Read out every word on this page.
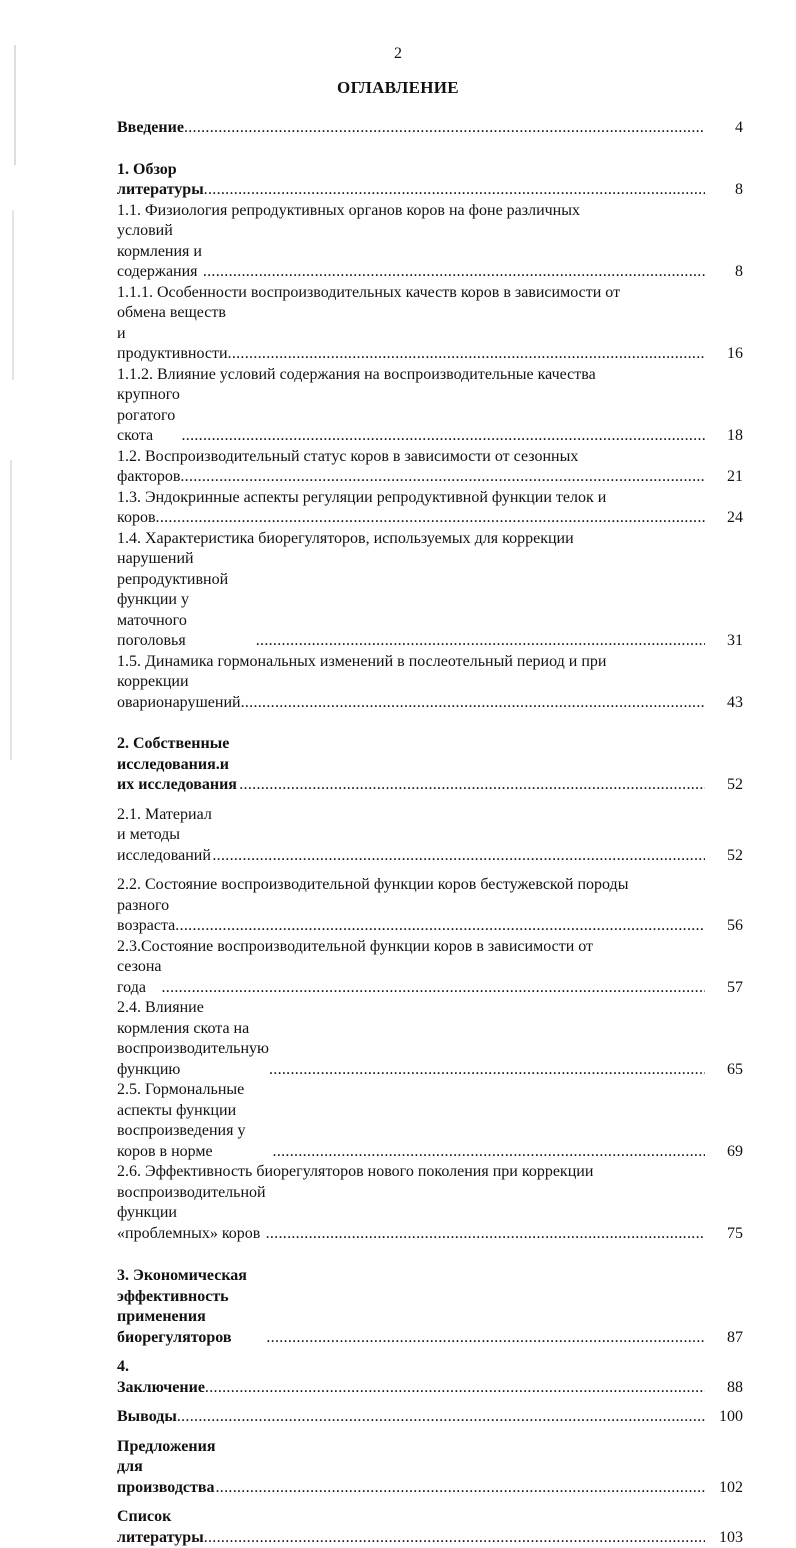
2
ОГЛАВЛЕНИЕ
Введение .....	4
1. Обзор литературы .....	8
1.1. Физиология репродуктивных органов коров на фоне различных
условий кормления и содержания .....	8
1.1.1. Особенности воспроизводительных качеств коров в зависимости от
обмена веществ и продуктивности .....	16
1.1.2. Влияние условий содержания на воспроизводительные качества
крупного рогатого скота .....	18
1.2. Воспроизводительный статус коров в зависимости от сезонных
факторов .....	21
1.3. Эндокринные аспекты регуляции репродуктивной функции телок и
коров .....	24
1.4. Характеристика биорегуляторов, используемых для коррекции
нарушений репродуктивной функции у маточного поголовья .....	31
1.5. Динамика гормональных изменений в послеотельный период и при
коррекции оварионарушений .....	43
2. Собственные исследования.и их исследования .....	52
2.1. Материал и методы исследований .....	52
2.2. Состояние воспроизводительной функции коров бестужевской породы
разного возраста .....	56
2.3.Состояние воспроизводительной функции коров в зависимости от
сезона года .....	57
2.4. Влияние кормления скота на воспроизводительную функцию .....	65
2.5. Гормональные аспекты функции воспроизведения у коров в норме .....	69
2.6. Эффективность биорегуляторов нового поколения при коррекции
воспроизводительной функции «проблемных» коров .....	75
3. Экономическая эффективность применения биорегуляторов .....	87
4. Заключение .....	88
Выводы .....	100
Предложения для производства .....	102
Список литературы .....	103
